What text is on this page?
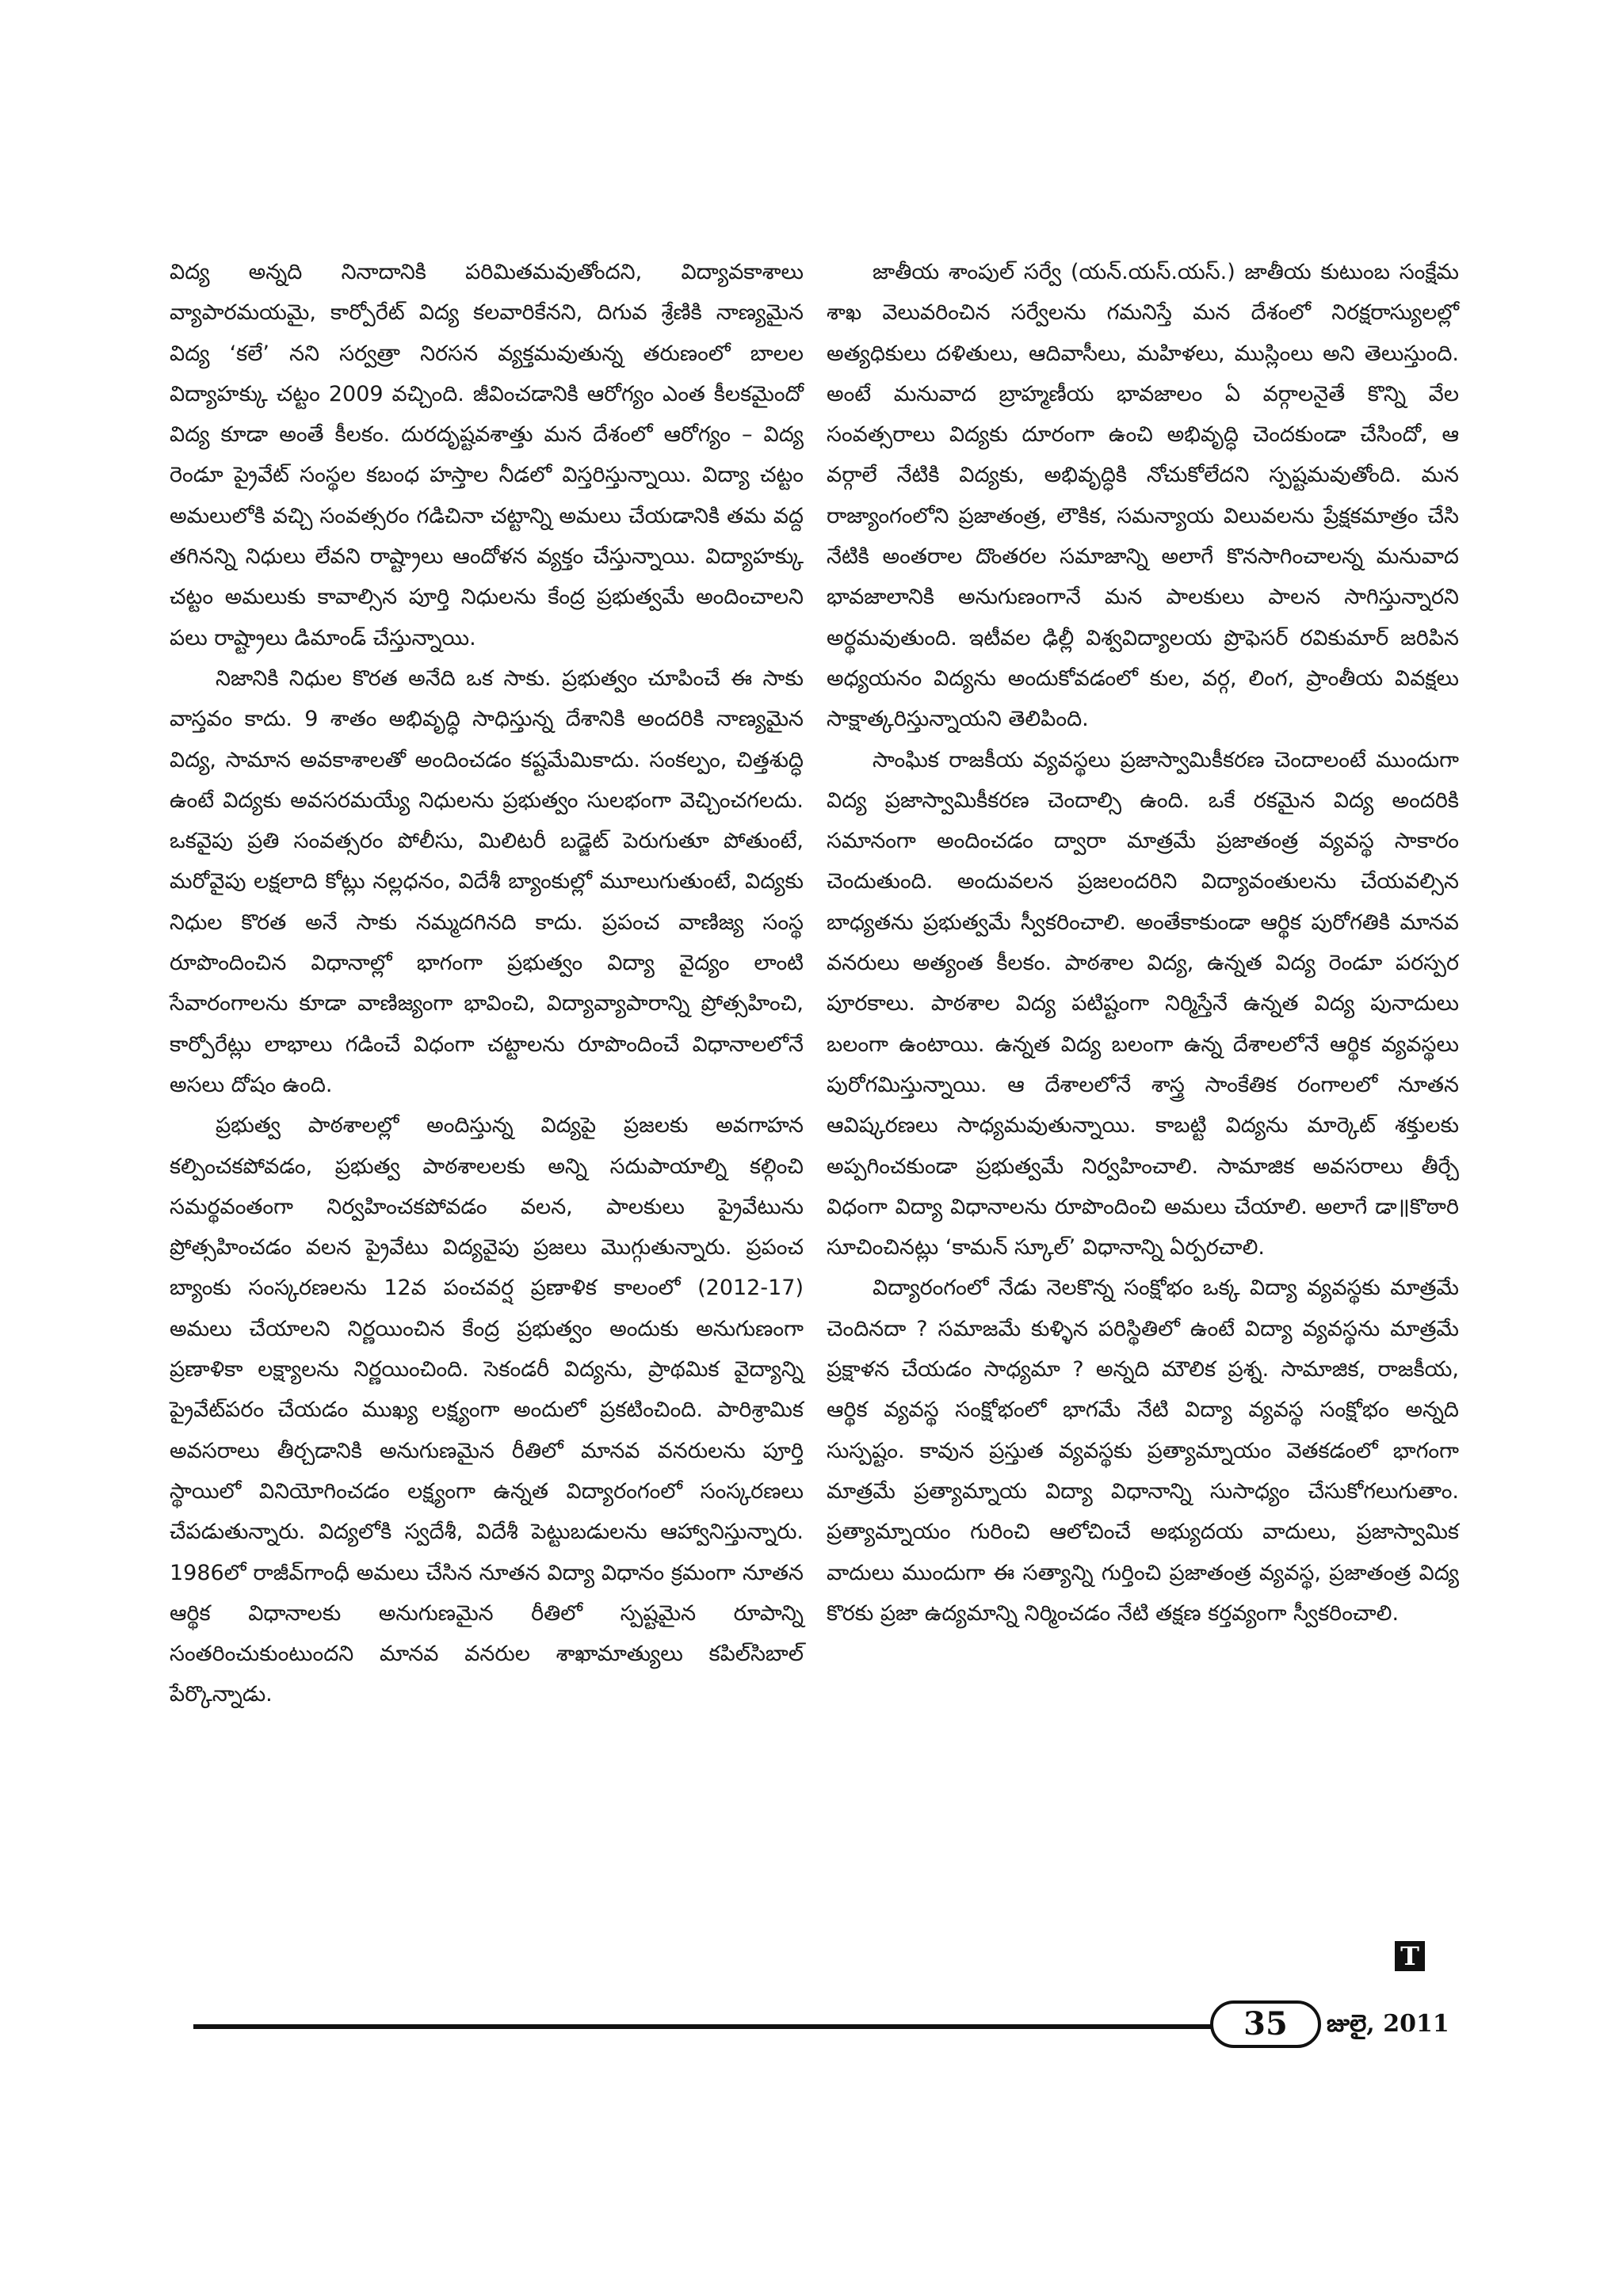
విద్య అన్నది నినాదానికి పరిమితమవుతోందని, విద్యావకాశాలు వ్యాపారమయమై, కార్పోరేట్‌ విద్య కలవారికేనని, దిగువ శ్రేణికి నాణ్యమైన విద్య ‘కలే’ నని సర్వత్రా నిరసన వ్యక్తమవుతున్న తరుణంలో బాలల విద్యాహక్కు చట్టం 2009 వచ్చింది. జీవించడానికి ఆరోగ్యం ఎంత కీలకమైందో విద్య కూడా అంతే కీలకం. దురదృష్టవశాత్తు మన దేశంలో ఆరోగ్యం – విద్య రెండూ ప్రైవేట్‌ సంస్థల కబంధ హస్తాల నీడలో విస్తరిస్తున్నాయి. విద్యా చట్టం అమలులోకి వచ్చి సంవత్సరం గడిచినా చట్టాన్ని అమలు చేయడానికి తమ వద్ద తగినన్ని నిధులు లేవని రాష్ట్రాలు ఆందోళన వ్యక్తం చేస్తున్నాయి. విద్యాహక్కు చట్టం అమలుకు కావాల్సిన పూర్తి నిధులను కేంద్ర ప్రభుత్వమే అందించాలని పలు రాష్ట్రాలు డిమాండ్‌ చేస్తున్నాయి.

నిజానికి నిధుల కొరత అనేది ఒక సాకు. ప్రభుత్వం చూపించే ఈ సాకు వాస్తవం కాదు. 9 శాతం అభివృద్ధి సాధిస్తున్న దేశానికి అందరికి నాణ్యమైన విద్య, సామాన అవకాశాలతో అందించడం కష్టమేమికాదు. సంకల్పం, చిత్తశుద్ధి ఉంటే విద్యకు అవసరమయ్యే నిధులను ప్రభుత్వం సులభంగా వెచ్చించగలదు. ఒకవైపు ప్రతి సంవత్సరం పోలీసు, మిలిటరీ బడ్జెట్‌ పెరుగుతూ పోతుంటే, మరోవైపు లక్షలాది కోట్లు నల్లధనం, విదేశీ బ్యాంకుల్లో మూలుగుతుంటే, విద్యకు నిధుల కొరత అనే సాకు నమ్మదగినది కాదు. ప్రపంచ వాణిజ్య సంస్థ రూపొందించిన విధానాల్లో భాగంగా ప్రభుత్వం విద్యా వైద్యం లాంటి సేవారంగాలను కూడా వాణిజ్యంగా భావించి, విద్యావ్యాపారాన్ని ప్రోత్సహించి, కార్పోరేట్లు లాభాలు గడించే విధంగా చట్టాలను రూపొందించే విధానాలలోనే అసలు దోషం ఉంది.

ప్రభుత్వ పాఠశాలల్లో అందిస్తున్న విద్యపై ప్రజలకు అవగాహన కల్పించకపోవడం, ప్రభుత్వ పాఠశాలలకు అన్ని సదుపాయాల్ని కల్గించి సమర్థవంతంగా నిర్వహించకపోవడం వలన, పాలకులు ప్రైవేటును ప్రోత్సహించడం వలన ప్రైవేటు విద్యవైపు ప్రజలు మొగ్గుతున్నారు. ప్రపంచ బ్యాంకు సంస్కరణలను 12వ పంచవర్ష ప్రణాళిక కాలంలో (2012-17) అమలు చేయాలని నిర్ణయించిన కేంద్ర ప్రభుత్వం అందుకు అనుగుణంగా ప్రణాళికా లక్ష్యాలను నిర్ణయించింది. సెకండరీ విద్యను, ప్రాథమిక వైద్యాన్ని ప్రైవేట్‌పరం చేయడం ముఖ్య లక్ష్యంగా అందులో ప్రకటించింది. పారిశ్రామిక అవసరాలు తీర్చడానికి అనుగుణమైన రీతిలో మానవ వనరులను పూర్తి స్థాయిలో వినియోగించడం లక్ష్యంగా ఉన్నత విద్యారంగంలో సంస్కరణలు చేపడుతున్నారు. విద్యలోకి స్వదేశీ, విదేశీ పెట్టుబడులను ఆహ్వానిస్తున్నారు. 1986లో రాజీవ్‌గాంధీ అమలు చేసిన నూతన విద్యా విధానం క్రమంగా నూతన ఆర్థిక విధానాలకు అనుగుణమైన రీతిలో స్పష్టమైన రూపాన్ని సంతరించుకుంటుందని మానవ వనరుల శాఖామాత్యులు కపిల్‌సిబాల్‌ పేర్కొన్నాడు.

జాతీయ శాంపుల్‌ సర్వే (యన్‌.యస్‌.యస్‌.) జాతీయ కుటుంబ సంక్షేమ శాఖ వెలువరించిన సర్వేలను గమనిస్తే మన దేశంలో నిరక్షరాస్యులల్లో అత్యధికులు దళితులు, ఆదివాసీలు, మహిళలు, ముస్లింలు అని తెలుస్తుంది. అంటే మనువాద బ్రాహ్మణీయ భావజాలం ఏ వర్గాలనైతే కొన్ని వేల సంవత్సరాలు విద్యకు దూరంగా ఉంచి అభివృద్ధి చెందకుండా చేసిందో, ఆ వర్గాలే నేటికి విద్యకు, అభివృద్ధికి నోచుకోలేదని స్పష్టమవుతోంది. మన రాజ్యాంగంలోని ప్రజాతంత్ర, లౌకిక, సమన్యాయ విలువలను ప్రేక్షకమాత్రం చేసి నేటికి అంతరాల దొంతరల సమాజాన్ని అలాగే కొనసాగించాలన్న మనువాద భావజాలానికి అనుగుణంగానే మన పాలకులు పాలన సాగిస్తున్నారని అర్థమవుతుంది. ఇటీవల ఢిల్లీ విశ్వవిద్యాలయ ప్రొఫెసర్‌ రవికుమార్‌ జరిపిన అధ్యయనం విద్యను అందుకోవడంలో కుల, వర్గ, లింగ, ప్రాంతీయ వివక్షలు సాక్షాత్కరిస్తున్నాయని తెలిపింది.

సాంఘిక రాజకీయ వ్యవస్థలు ప్రజాస్వామికీకరణ చెందాలంటే ముందుగా విద్య ప్రజాస్వామికీకరణ చెందాల్సి ఉంది. ఒకే రకమైన విద్య అందరికి సమానంగా అందించడం ద్వారా మాత్రమే ప్రజాతంత్ర వ్యవస్థ సాకారం చెందుతుంది. అందువలన ప్రజలందరిని విద్యావంతులను చేయవల్సిన బాధ్యతను ప్రభుత్వమే స్వీకరించాలి. అంతేకాకుండా ఆర్థిక పురోగతికి మానవ వనరులు అత్యంత కీలకం. పాఠశాల విద్య, ఉన్నత విద్య రెండూ పరస్పర పూరకాలు. పాఠశాల విద్య పటిష్టంగా నిర్మిస్తేనే ఉన్నత విద్య పునాదులు బలంగా ఉంటాయి. ఉన్నత విద్య బలంగా ఉన్న దేశాలలోనే ఆర్థిక వ్యవస్థలు పురోగమిస్తున్నాయి. ఆ దేశాలలోనే శాస్త్ర సాంకేతిక రంగాలలో నూతన ఆవిష్కరణలు సాధ్యమవుతున్నాయి. కాబట్టి విద్యను మార్కెట్‌ శక్తులకు అప్పగించకుండా ప్రభుత్వమే నిర్వహించాలి. సామాజిక అవసరాలు తీర్చే విధంగా విద్యా విధానాలను రూపొందించి అమలు చేయాలి. అలాగే డా॥కొఠారి సూచించినట్లు ‘కామన్‌ స్కూల్‌’ విధానాన్ని ఏర్పరచాలి.

విద్యారంగంలో నేడు నెలకొన్న సంక్షోభం ఒక్క విద్యా వ్యవస్థకు మాత్రమే చెందినదా ? సమాజమే కుళ్ళిన పరిస్థితిలో ఉంటే విద్యా వ్యవస్థను మాత్రమే ప్రక్షాళన చేయడం సాధ్యమా ? అన్నది మౌలిక ప్రశ్న. సామాజిక, రాజకీయ, ఆర్థిక వ్యవస్థ సంక్షోభంలో భాగమే నేటి విద్యా వ్యవస్థ సంక్షోభం అన్నది సుస్పష్టం. కావున ప్రస్తుత వ్యవస్థకు ప్రత్యామ్నాయం వెతకడంలో భాగంగా మాత్రమే ప్రత్యామ్నాయ విద్యా విధానాన్ని సుసాధ్యం చేసుకోగలుగుతాం. ప్రత్యామ్నాయం గురించి ఆలోచించే అభ్యుదయ వాదులు, ప్రజాస్వామిక వాదులు ముందుగా ఈ సత్యాన్ని గుర్తించి ప్రజాతంత్ర వ్యవస్థ, ప్రజాతంత్ర విద్య కొరకు ప్రజా ఉద్యమాన్ని నిర్మించడం నేటి తక్షణ కర్తవ్యంగా స్వీకరించాలి.

T
35	జులై, 2011
